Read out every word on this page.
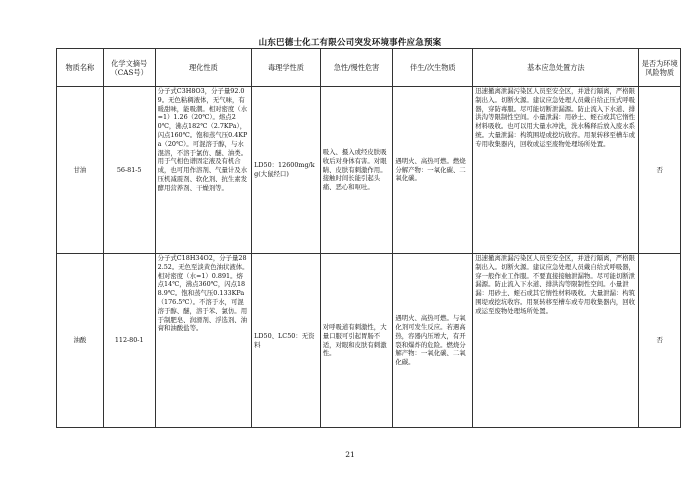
山东巴德士化工有限公司突发环境事件应急预案
物质名称	化学文摘号（CAS号）	理化性质	毒理学性质	急性/慢性危害	伴生/次生物质	基本应急处置方法	是否为环境风险物质
甘油	56-81-5	分子式C3H8O3，分子量92.09。无色粘稠液体，无气味，有暖甜味，能吸潮。相对密度（水=1）1.26（20℃）。熔点20℃，沸点182℃（2.7KPa），闪点160℃。饱和蒸气压0.4KPa（20℃）。可混溶于醇，与水混溶，不溶于氯仿、醚、油类。用于气相色谱固定液及有机合成，也可用作溶剂、气量计及水压机减震剂、软化剂、抗生素发酵用营养剂、干燥剂等。	LD50：12600mg/kg(大鼠经口)	吸入、摄入或经皮肤吸收后对身体有害。对眼睛、皮肤有刺激作用。接触时间长能引起头痛、恶心和呕吐。	遇明火、高热可燃。燃烧分解产物：一氧化碳、二氧化碳。	迅速撤离泄漏污染区人员至安全区，并进行隔离，严格限制出入。切断火源。建议应急处理人员戴自给正压式呼吸器，穿防毒服。尽可能切断泄漏源。防止流入下水道、排洪沟等限制性空间。小量泄漏：用砂土、蛭石或其它惰性材料吸收。也可以用大量水冲洗，洗水稀释后放入废水系统。大量泄漏：构筑围堤或挖坑收容。用泵转移至槽车或专用收集器内，回收或运至废物处理场所处置。	否
油酸	112-80-1	分子式C18H34O2，分子量282.52。无色至淡黄色油状液体。相对密度（水=1）0.891。熔点14℃，沸点360℃，闪点188.9℃。饱和蒸气压0.133KPa（176.5℃）。不溶于水，可混溶于醇、醚，溶于苯、氯仿。用于制肥皂、润滑剂、浮选剂、油膏和油酸盐等。	LD50、LC50：无资料	对呼吸道有刺激性，大量口服可引起胃肠不适，对眼和皮肤有刺激性。	遇明火、高热可燃。与氧化剂可发生反应。若遇高热，容器内压增大，有开裂和爆炸的危险。燃烧分解产物：一氧化碳、二氧化碳。	迅速撤离泄漏污染区人员至安全区，并进行隔离，严格限制出入。切断火源。建议应急处理人员戴自给式呼吸器，穿一般作业工作服。不要直接接触泄漏物。尽可能切断泄漏源。防止流入下水道、排洪沟等限制性空间。小量泄漏：用砂土、蛭石或其它惰性材料吸收。大量泄漏：构筑围堤或挖坑收容。用泵转移至槽车或专用收集器内，回收或运至废物处理场所处置。	否
21
